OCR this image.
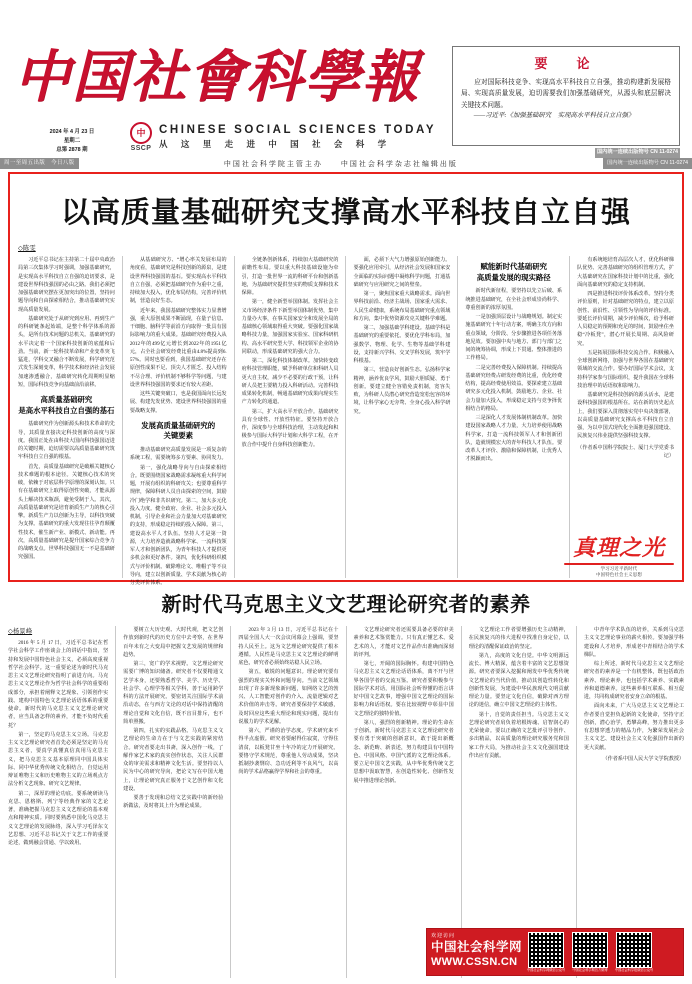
中国社會科學報
2024 年 4 月 23 日
星期二
总第 2878 期
中
SSCP
CHINESE SOCIAL SCIENCES TODAY
从 这 里 走 进 中 国 社 会 科 学
国内统一连续出版物号 CN 11-0274
周一至周五出版　今日八版	中国社会科学院主管主办　　中国社会科学杂志社编辑出版	国内统一连续出版物号 CN 11-0274
要　论
应对国际科技竞争、实现高水平科技自立自强，推动构建新发展格局、实现高质量发展，迫切需要我们加强基础研究，从源头和底层解决关键技术问题。
——习近平:《加强基础研究　实现高水平科技自立自强》
以高质量基础研究支撑高水平科技自立自强
◇陈雯
习近平总书记在主持第二十届中央政治局第三次集体学习时强调，加强基础研究，是实现高水平科技自立自强的迫切要求，是建设世界科技强国的必由之路。我们必须把加强基础研究摆在更加突出的位置，坚持问题导向和自由探索相结合，推动基础研究实现高质量发展。
基础研究处于从研究到应用、再到生产的科研链条起始端，是整个科学体系的源头，是所有技术问题的总机关。基础研究的水平决定着一个国家科技创新的底蕴和后劲。当前，新一轮科技革命和产业变革突飞猛进，学科交叉融合不断发展，科学研究范式发生深刻变革，科学技术和经济社会发展加速渗透融合，基础研究转化周期明显缩短，国际科技竞争向基础前沿前移。
高质量基础研究
是高水平科技自立自强的基石
基础研究作为创新源头和技术革命的先导，其质量直接决定科技创新的高度与深度。我国正处在由科技大国向科技强国迈进的关键时期，迫切需要以高质量基础研究筑牢科技自立自强的根基。
首先，高质量基础研究是破解关键核心技术难题的根本途径。关键核心技术的突破，依赖于对底层科学原理的深刻认知。只有在基础研究上取得原创性突破，才能从源头上解决技术瓶颈，避免受制于人。其次，高质量基础研究是培育新质生产力的核心引擎。新质生产力以创新为主导，以科技突破为支撑。基础研究的重大发现往往孕育颠覆性技术，催生新产业、新模式、新动能。再次，高质量基础研究是提升国家综合竞争力的战略支点。世界科技强国无一不是基础研究强国。
从基础研究方、“增心率关发展布局的角度看，基础研究是科技创新的源泉，是建设世界科技强国的基石。要实现高水平科技自立自强，必须把基础研究作为重中之重，持续加大投入，优化布局结构，完善评价机制，营造良好生态。
近年来，我国基础研究整体实力显著增强，重大原创成果不断涌现，在量子信息、干细胞、脑科学等前沿方向取得一批具有国际影响力的重大成果。基础研究经费投入从2012年的499亿元增长到2022年的1951亿元，占全社会研发经费比重由4.8%提高到6.57%。同时也要看到，我国基础研究还存在原创性成果不足、顶尖人才匮乏、投入结构不尽合理、评价机制不够科学等问题，与建设世界科技强国的要求还有较大差距。
这些关键突破口，也是我国面向长远发展、构建先发优势、建设世界科技强国的重要战略支撑。
发展高质量基础研究的
关键要素
推动基础研究高质量发展是一项复杂的系统工程，需要统筹多方要素、协同发力。
第一，强化战略导向与自由探索相结合。既要围绕国家战略需求凝练重大科学问题，开展有组织的科研攻关；也要尊重科学规律，保障科研人员自由探索的空间，鼓励冷门绝学和非共识研究。第二，加大多元化投入力度。健全政府、企业、社会多元投入机制，引导企业和社会力量加大对基础研究的支持，形成稳定持续的投入保障。第三，建设高水平人才队伍。坚持人才是第一资源，大力培养造就战略科学家、一流科技领军人才和创新团队，为青年科技人才提供更多机会和更好条件。第四，优化科研组织模式与评价机制。破除唯论文、唯帽子等不良导向，建立以创新质量、学术贡献为核心的分类评价体系。
全链条创新体系，持续加大基础研究的前瞻性布局。要以重大科技基础设施为牵引，打造一批世界一流的科研平台和创新基地，为基础研究提供坚实的物质支撑和技术保障。
第一，健全新型举国体制。发挥社会主义市场经济条件下新型举国体制优势，集中力量办大事，在事关国家安全和发展全局的基础核心领域取得重大突破。要强化国家战略科技力量，加强国家实验室、国家科研机构、高水平研究型大学、科技领军企业的协同联动，形成基础研究的强大合力。
第二，深化科技体制改革。加快转变政府科技管理职能，赋予科研单位和科研人员更大自主权，减少不必要的行政干预，让科研人员把主要精力投入科研活动。完善科技成果转化机制，畅通基础研究成果向现实生产力转化的通道。
第三，扩大高水平开放合作。基础研究具有全球性、开放性特征。要坚持开放合作，深度参与全球科技治理，主动发起和积极参与国际大科学计划和大科学工程，在开放合作中提升自身科技创新能力。
面，必须下大气力增强原始创新能力。要强化应用牵引，从经济社会发展和国家安全面临的实际问题中凝练科学问题，打通基础研究与应用研究之间的壁垒。
第一，聚焦国家重大战略需求。面向世界科技前沿、经济主战场、国家重大需求、人民生命健康，系统布局基础研究重点领域和方向，集中优势资源攻克关键科学难题。
第二，加强基础学科建设。基础学科是基础研究的重要依托。要优化学科布局，加强数学、物理、化学、生物等基础学科建设，支持新兴学科、交叉学科发展，筑牢学科根基。
第三，营造良好创新生态。弘扬科学家精神，涵养优良学风，鼓励大胆质疑、勇于创新。要建立健全容错免责机制，宽容失败，为科研人员潜心研究营造宽松包容的环境，让科学家心无旁骛、全身心投入科学研究。
赋能新时代基础研究
高质量发展的现实路径
新时代新征程，要坚持以先立后破、系统推进基础研究，在全社会形成崇尚科学、尊重创新的浓厚氛围。
一是加强顶层设计与战略规划。制定实施基础研究十年行动方案，明确主攻方向和重点领域，分阶段、分步骤推进各项任务落地见效。要加强中央与地方、部门与部门之间的统筹协调，形成上下贯通、整体推进的工作格局。
二是完善经费投入保障机制。持续提高基础研究经费占研发经费的比重，优化经费结构，提高经费使用效益。要探索建立基础研究多元化投入机制，鼓励地方、企业、社会力量加大投入，形成稳定支持与竞争择优相结合的格局。
三是深化人才发展体制机制改革。加快建设国家战略人才力量，大力培养使用战略科学家，打造一流科技领军人才和创新团队，造就规模宏大的青年科技人才队伍。要改革人才评价、激励和保障机制，让优秀人才脱颖而出。
有系统地培育高层次人才，优化科研梯队优势、完善基础研究的组织管理方式，扩大基础研究在国家科技计划中的比重，强化面向基础研究的稳定支持机制。
四是推进科技评价体系改革。坚持分类评价原则，针对基础研究的特点，建立以原创性、前沿性、引领性为导向的评价标准。要延长评价周期，减少评价频次，给予科研人员稳定的预期和充足的时间，鼓励坐住坐稳“冷板凳”，潜心开展长周期、高风险研究。
五是拓展国际科技交流合作。积极融入全球创新网络，加强与世界各国在基础研究领域的交流合作。要办好国际学术会议，支持科学家参与国际组织，提升我国在全球科技治理中的话语权和影响力。
基础研究是科技创新的源头活水，是建设科技强国的根基所在。站在新的历史起点上，我们要深入贯彻落实党中央决策部署，以高质量基础研究支撑高水平科技自立自强，为以中国式现代化全面推进强国建设、民族复兴伟业提供坚强科技支撑。
（作者系中国科学院院士、厦门大学党委书记）
真理之光
学习习近平新时代
中国特色社会主义思想
新时代马克思主义文艺理论研究者的素养
◇杨景峰
2016 年 5 月 17 日，习近平总书记在哲学社会科学工作座谈会上的讲话中指出，坚持和发展中国特色社会主义，必须高度重视哲学社会科学。这一重要论述为新时代马克思主义文艺理论研究指明了前进方向。马克思主义文艺理论作为哲学社会科学的重要组成部分，承担着阐释文艺现象、引领创作实践、建构中国特色文艺理论话语体系的重要使命。新时代的马克思主义文艺理论研究者，应当具备怎样的素养，才能不负时代重托？
第一，坚定的马克思主义立场。马克思主义文艺理论研究者首先必须是坚定的马克思主义者，要真学真懂真信真用马克思主义，把马克思主义基本原理同中国具体实际、同中华优秀传统文化相结合，自觉运用辩证唯物主义和历史唯物主义的立场观点方法分析文艺现象、研究文艺规律。
第二，深厚的理论功底。要系统研读马克思、恩格斯、列宁等经典作家的文艺论著，准确把握马克思主义文艺理论的基本观点和精神实质。同时要熟悉中国化马克思主义文艺理论的发展脉络，深入学习毛泽东文艺思想、习近平总书记关于文艺工作的重要论述，做到融会贯通、学以致用。
要树立大历史观、大时代观，把文艺创作放到新时代的历史方位中去考察，在世界百年未有之大变局中把握文艺发展的规律和趋势。
第三，宽广的学术视野。文艺理论研究需要广博的知识储备。研究者不仅要精通文艺学本身，还要熟悉哲学、美学、历史学、社会学、心理学等相关学科，善于运用跨学科的方法开展研究。要密切关注国际学术前沿动态，在与西方文论的对话中保持清醒的理论自觉和文化自信，既不盲目排斥，也不简单照搬。
第四，扎实的实践品格。马克思主义文艺理论的生命力在于与文艺实践的紧密结合。研究者要走出书斋，深入创作一线，了解作家艺术家的真实创作状态，关注人民群众的审美需求和精神文化生活。要坚持以人民为中心的研究导向，把论文写在中国大地上，让理论研究真正服务于文艺创作和文化建设。
要善于发现和总结文艺实践中的新经验新做法，及时将其上升为理论成果。
2023 年 3 月 13 日，习近平总书记在十四届全国人大一次会议闭幕会上强调，要坚持人民至上。这为文艺理论研究提供了根本遵循。人民性是马克思主义文艺理论的鲜明底色，研究者必须始终站稳人民立场。
第五，敏锐的问题意识。理论研究要有强烈的现实关怀和问题导向。当前文艺领域出现了许多新现象新问题，如网络文艺的勃兴、人工智能对创作的介入、流量逻辑对艺术价值的冲击等。研究者要保持学术敏感，及时回应这些重大理论和现实问题，提出有说服力的学术见解。
第六，严谨的治学态度。学术研究来不得半点虚假。研究者要耐得住寂寞，守得住清贫，以板凳甘坐十年冷的定力开展研究。要恪守学术规范，尊重他人劳动成果，坚决抵制抄袭剽窃、急功近利等不良风气，以高尚的学术品格赢得学界和社会的尊重。
文艺理论研究者还需要具备必要的审美素养和艺术鉴赏能力。只有真正懂艺术、爱艺术的人，才能对文艺作品作出准确而深刻的评判。
第七，开阔的国际胸怀。构建中国特色马克思主义文艺理论话语体系，离不开与世界各国学者的交流互鉴。研究者要积极参与国际学术对话，用国际社会听得懂的语言讲好中国文艺故事，增强中国文艺理论的国际影响力和话语权。要在比较视野中彰显中国文艺理论的独特价值。
第八，强烈的创新精神。理论的生命在于创新。新时代马克思主义文艺理论研究者要有勇于突破的创新意识，敢于提出新概念、新范畴、新表述，努力构建具有中国特色、中国风格、中国气派的文艺理论体系。要立足中国文艺实践，从中华优秀传统文艺思想中汲取智慧，在创造性转化、创新性发展中推进理论创新。
文艺理论工作者要增强历史主动精神，在民族复兴的伟大进程中找准自身定位，以理论的清醒保证政治的坚定。
第九，高度的文化自觉。中华文明源远流长、博大精深，蕴含着丰富的文艺思想资源。研究者要深入挖掘和阐发中华优秀传统文艺理论的当代价值，推动其创造性转化和创新性发展，为建设中华民族现代文明贡献理论力量。要坚定文化自信，破除对西方理论的迷信，确立中国文艺理论的主体性。
第十，自觉的责任担当。马克思主义文艺理论研究者肩负着培根铸魂、启智润心的光荣使命。要以正确的文艺批评引导创作、多出精品，以高质量的理论研究服务党和国家工作大局，为推动社会主义文化强国建设作出应有贡献。
中青年学术队伍的培养，关系到马克思主义文艺理论事业的薪火相传。要加强学科建设和人才培养，形成老中青相结合的学术梯队。
综上所述，新时代马克思主义文艺理论研究者的素养是一个有机整体，既包括政治素养、理论素养，也包括学术素养、实践素养和道德素养。这些素养相互联系、相互促进，共同构成研究者安身立命的根基。
面向未来，广大马克思主义文艺理论工作者要自觉担负起新的文化使命，坚持守正创新，潜心治学，勇攀高峰，努力推出更多有思想穿透力的精品力作，为繁荣发展社会主义文艺、建设社会主义文化强国作出新的更大贡献。
（作者系中国人民大学文学院教授）
欢迎访问
中国社会科学网
WWW.CSSN.CN
中国社会科学网微信公众号	中国社会科学网官方微博	中国社会科学报微信公众号
